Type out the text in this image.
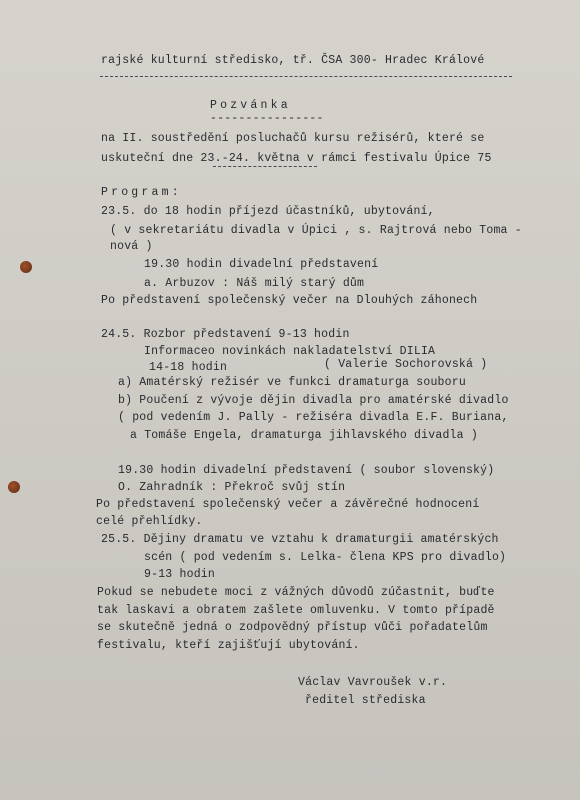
rajské kulturní středisko, tř. ČSA 300- Hradec Králové
Pozvánka
----------------
na II. soustředění posluchačů kursu režisérů, které se
uskuteční dne 23.-24. května v rámci festivalu Úpice 75
Program:
23.5. do 18 hodin příjezd účastníků, ubytování,
( v sekretariátu divadla v Úpici , s. Rajtrová nebo Toma -
nová )
19.30 hodin divadelní představení
a. Arbuzov : Náš milý starý dům
Po představení společenský večer na Dlouhých záhonech
24.5. Rozbor představení 9-13 hodin
Informaceo novinkách nakladatelství DILIA
14-18 hodin	( Valerie Sochorovská )
a) Amatérský režisér ve funkci dramaturga souboru
b) Poučení z vývoje dějin divadla pro amatérské divadlo
( pod vedením J. Pally - režiséra divadla E.F. Buriana,
a Tomáše Engela, dramaturga jihlavského divadla )
19.30 hodin divadelní představení ( soubor slovenský)
O. Zahradník : Překroč svůj stín
Po představení společenský večer a závěrečné hodnocení
celé přehlídky.
25.5. Dějiny dramatu ve vztahu k dramaturgii amatérských
scén ( pod vedením s. Lelka- člena KPS pro divadlo)
9-13 hodin
Pokud se nebudete moci z vážných důvodů zúčastnit, buďte
tak laskavi a obratem zašlete omluvenku. V tomto případě
se skutečně jedná o zodpovědný přístup vůči pořadatelům
festivalu, kteří zajišťují ubytování.
Václav Vavroušek v.r.
ředitel střediska
